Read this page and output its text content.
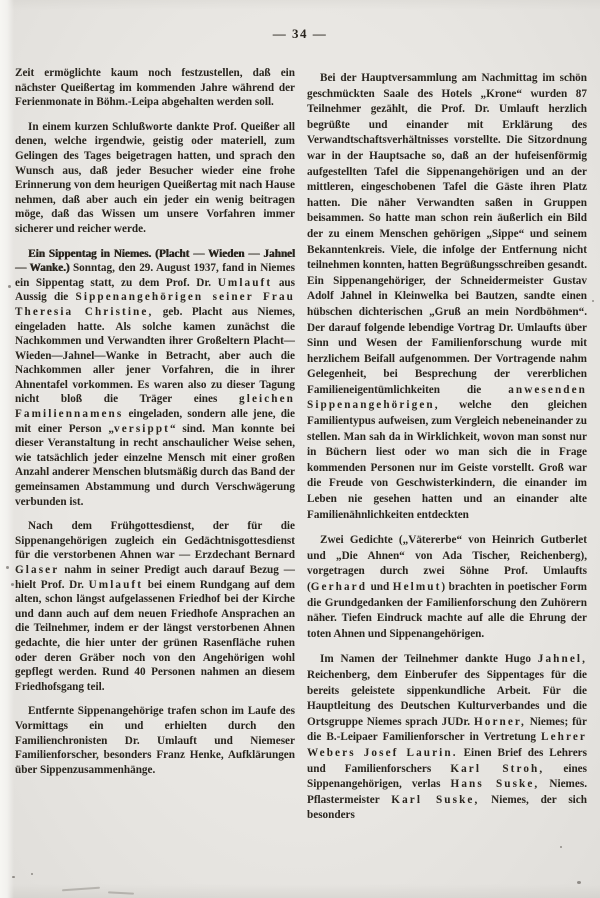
— 34 —

Zeit ermöglichte kaum noch festzustellen, daß ein nächster Queißertag im kommenden Jahre während der Ferienmonate in Böhm.-Leipa abgehalten werden soll.

In einem kurzen Schlußworte dankte Prof. Queißer all denen, welche irgendwie, geistig oder materiell, zum Gelingen des Tages beigetragen hatten, und sprach den Wunsch aus, daß jeder Besucher wieder eine frohe Erinnerung von dem heurigen Queißertag mit nach Hause nehmen, daß aber auch ein jeder ein wenig beitragen möge, daß das Wissen um unsere Vorfahren immer sicherer und reicher werde.

Ein Sippentag in Niemes. (Placht — Wieden — Jahnel — Wanke.) Sonntag, den 29. August 1937, fand in Niemes ein Sippentag statt, zu dem Prof. Dr. Umlauft aus Aussig die Sippenangehörigen seiner Frau Theresia Christine, geb. Placht aus Niemes, eingeladen hatte. Als solche kamen zunächst die Nachkommen und Verwandten ihrer Großeltern Placht—Wieden—Jahnel—Wanke in Betracht, aber auch die Nachkommen aller jener Vorfahren, die in ihrer Ahnentafel vorkommen. Es waren also zu dieser Tagung nicht bloß die Träger eines gleichen Familiennamens eingeladen, sondern alle jene, die mit einer Person „versippt“ sind. Man konnte bei dieser Veranstaltung in recht anschaulicher Weise sehen, wie tatsächlich jeder einzelne Mensch mit einer großen Anzahl anderer Menschen blutsmäßig durch das Band der gemeinsamen Abstammung und durch Verschwägerung verbunden ist.

Nach dem Frühgottesdienst, der für die Sippenangehörigen zugleich ein Gedächtnisgottesdienst für die verstorbenen Ahnen war — Erzdechant Bernard Glaser nahm in seiner Predigt auch darauf Bezug — hielt Prof. Dr. Umlauft bei einem Rundgang auf dem alten, schon längst aufgelassenen Friedhof bei der Kirche und dann auch auf dem neuen Friedhofe Ansprachen an die Teilnehmer, indem er der längst verstorbenen Ahnen gedachte, die hier unter der grünen Rasenfläche ruhen oder deren Gräber noch von den Angehörigen wohl gepflegt werden. Rund 40 Personen nahmen an diesem Friedhofsgang teil.

Entfernte Sippenangehörige trafen schon im Laufe des Vormittags ein und erhielten durch den Familienchronisten Dr. Umlauft und Niemeser Familienforscher, besonders Franz Henke, Aufklärungen über Sippenzusammenhänge.

Bei der Hauptversammlung am Nachmittag im schön geschmückten Saale des Hotels „Krone“ wurden 87 Teilnehmer gezählt, die Prof. Dr. Umlauft herzlich begrüßte und einander mit Erklärung des Verwandtschaftsverhältnisses vorstellte. Die Sitzordnung war in der Hauptsache so, daß an der hufeisenförmig aufgestellten Tafel die Sippenangehörigen und an der mittleren, eingeschobenen Tafel die Gäste ihren Platz hatten. Die näher Verwandten saßen in Gruppen beisammen. So hatte man schon rein äußerlich ein Bild der zu einem Menschen gehörigen „Sippe“ und seinem Bekanntenkreis. Viele, die infolge der Entfernung nicht teilnehmen konnten, hatten Begrüßungsschreiben gesandt. Ein Sippenangehöriger, der Schneidermeister Gustav Adolf Jahnel in Kleinwelka bei Bautzen, sandte einen hübschen dichterischen „Gruß an mein Nordböhmen“. Der darauf folgende lebendige Vortrag Dr. Umlaufts über Sinn und Wesen der Familienforschung wurde mit herzlichem Beifall aufgenommen. Der Vortragende nahm Gelegenheit, bei Besprechung der vererblichen Familieneigentümlichkeiten die anwesenden Sippenangehörigen, welche den gleichen Familientypus aufweisen, zum Vergleich nebeneinander zu stellen. Man sah da in Wirklichkeit, wovon man sonst nur in Büchern liest oder wo man sich die in Frage kommenden Personen nur im Geiste vorstellt. Groß war die Freude von Geschwisterkindern, die einander im Leben nie gesehen hatten und an einander alte Familienähnlichkeiten entdeckten

Zwei Gedichte („Vätererbe“ von Heinrich Gutberlet und „Die Ahnen“ von Ada Tischer, Reichenberg), vorgetragen durch zwei Söhne Prof. Umlaufts (Gerhard und Helmut) brachten in poetischer Form die Grundgedanken der Familienforschung den Zuhörern näher. Tiefen Eindruck machte auf alle die Ehrung der toten Ahnen und Sippenangehörigen.

Im Namen der Teilnehmer dankte Hugo Jahnel, Reichenberg, dem Einberufer des Sippentages für die bereits geleistete sippenkundliche Arbeit. Für die Hauptleitung des Deutschen Kulturverbandes und die Ortsgruppe Niemes sprach JUDr. Horner, Niemes; für die B.-Leipaer Familienforscher in Vertretung Lehrer Webers Josef Laurin. Einen Brief des Lehrers und Familienforschers Karl Stroh, eines Sippenangehörigen, verlas Hans Suske, Niemes. Pflastermeister Karl Suske, Niemes, der sich besonders
